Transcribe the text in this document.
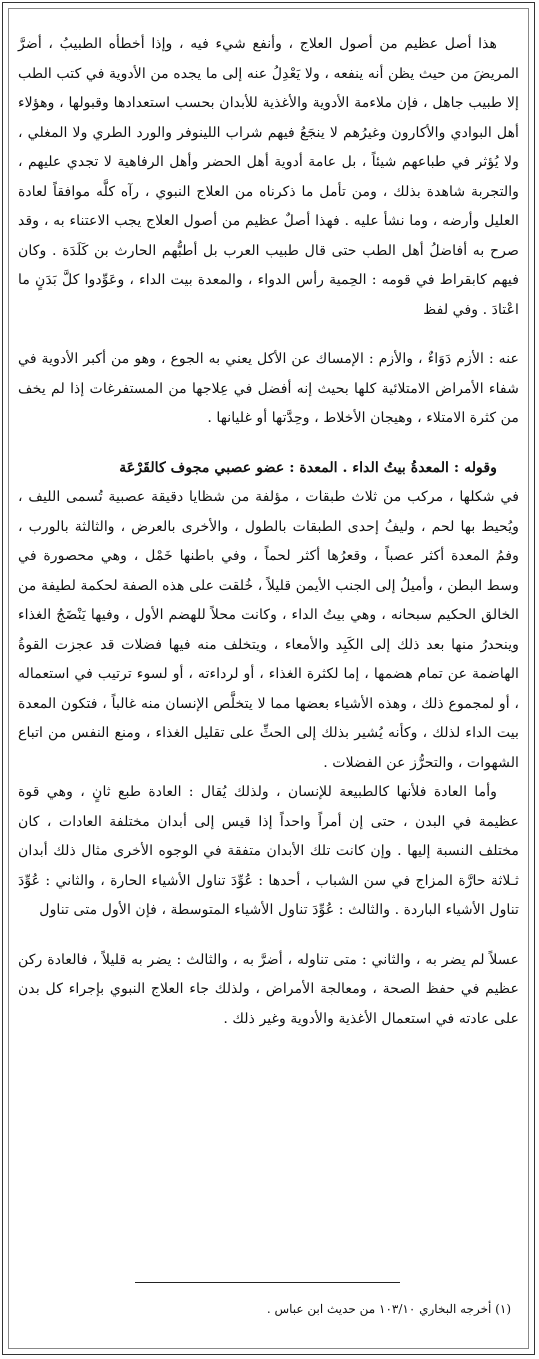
هذا أصل عظيم من أصول العلاج ، وأنفع شيء فيه ، وإذا أخطأه الطبيبُ ، أضرَّ المريضَ من حيث يظن أنه ينفعه ، ولا يَعْدِلُ عنه إلى ما يجده من الأدوية في كتب الطب إلا طبيب جاهل ، فإن ملاءمة الأدوية والأغذية للأبدان بحسب استعدادها وقبولها ، وهؤلاء أهل البوادي والأكارون وغيرُهم لا ينجَعُ فيهم شراب اللينوفر والورد الطري ولا المغلي ، ولا يُؤثر في طباعهم شيئاً ، بل عامة أدوية أهل الحضر وأهل الرفاهية لا تجدي عليهم ، والتجربة شاهدة بذلك ، ومن تأمل ما ذكرناه من العلاج النبوي ، رآه كلَّه موافقاً لعادة العليل وأرضه ، وما نشأ عليه . فهذا أصلٌ عظيم من أصول العلاج يجب الاعتناء به ، وقد صرح به أفاضلُ أهل الطب حتى قال طبيب العرب بل أطبُّهم الحارث بن كَلَدَة . وكان فيهم كابقراط في قومه : الحِمية رأس الدواء ، والمعدة بيت الداء ، وعَوِّدوا كلَّ بَدَنٍ ما اعْتادَ . وفي لفظ

عنه : الأزم دَوَاءٌ ، والأزم : الإمساك عن الأكل يعني به الجوع ، وهو من أكبر الأدوية في شفاء الأمراض الامتلائية كلها بحيث إنه أفضل في عِلاجها من المستفرغات إذا لم يخف من كثرة الامتلاء ، وهيجان الأخلاط ، وحِدَّتها أو غليانها .

وقوله : المعدةُ بيتُ الداء . المعدة : عضو عصبي مجوف كالقَرْعَة

في شكلها ، مركب من ثلاث طبقات ، مؤلفة من شظايا دقيقة عصبية تُسمى الليف ، ويُحيط بها لحم ، وليفُ إحدى الطبقات بالطول ، والأخرى بالعرض ، والثالثة بالورب ، وفمُ المعدة أكثر عصباً ، وقعرُها أكثر لحماً ، وفي باطنها خَمْل ، وهي محصورة في وسط البطن ، وأميلُ إلى الجنب الأيمن قليلاً ، خُلقت على هذه الصفة لحكمة لطيفة من الخالق الحكيم سبحانه ، وهي بيتُ الداء ، وكانت محلاً للهضم الأول ، وفيها يَنْضَجُ الغذاء وينحدرُ منها بعد ذلك إلى الكَبِد والأمعاء ، ويتخلف منه فيها فضلات قد عجزت القوةُ الهاضمة عن تمام هضمها ، إما لكثرة الغذاء ، أو لرداءته ، أو لسوء ترتيب في استعماله ، أو لمجموع ذلك ، وهذه الأشياء بعضها مما لا يتخلَّص الإنسان منه غالباً ، فتكون المعدة بيت الداء لذلك ، وكأنه يُشير بذلك إلى الحثِّ على تقليل الغذاء ، ومنع النفس من اتباع الشهوات ، والتحرُّز عن الفضلات .

وأما العادة فلأنها كالطبيعة للإنسان ، ولذلك يُقال : العادة طبع ثانٍ ، وهي قوة عظيمة في البدن ، حتى إن أمراً واحداً إذا قيس إلى أبدان مختلفة العادات ، كان مختلف النسبة إليها . وإن كانت تلك الأبدان متفقة في الوجوه الأخرى مثال ذلك أبدان ثـلاثة حارَّة المزاج في سن الشباب ، أحدها : عُوِّدَ تناول الأشياء الحارة ، والثاني : عُوِّدَ تناول الأشياء الباردة . والثالث : عُوِّدَ تناول الأشياء المتوسطة ، فإن الأول متى تناول

عسلاً لم يضر به ، والثاني : متى تناوله ، أضرَّ به ، والثالث : يضر به قليلاً ، فالعادة ركن عظيم في حفظ الصحة ، ومعالجة الأمراض ، ولذلك جاء العلاج النبوي بإجراء كل بدن على عادته في استعمال الأغذية والأدوية وغير ذلك .

(١) أخرجه البخاري ١٠٣/١٠ من حديث ابن عباس .
